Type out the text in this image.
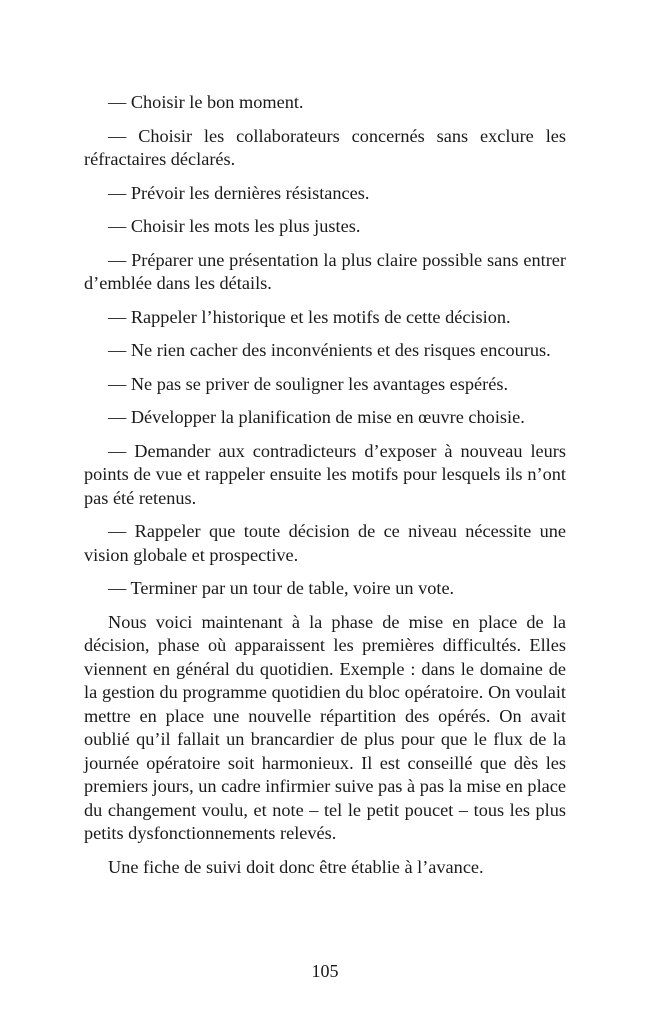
— Choisir le bon moment.

— Choisir les collaborateurs concernés sans exclure les réfractaires déclarés.

— Prévoir les dernières résistances.

— Choisir les mots les plus justes.

— Préparer une présentation la plus claire possible sans entrer d’emblée dans les détails.

— Rappeler l’historique et les motifs de cette décision.

— Ne rien cacher des inconvénients et des risques encourus.

— Ne pas se priver de souligner les avantages espérés.

— Développer la planification de mise en œuvre choisie.

— Demander aux contradicteurs d’exposer à nouveau leurs points de vue et rappeler ensuite les motifs pour lesquels ils n’ont pas été retenus.

— Rappeler que toute décision de ce niveau nécessite une vision globale et prospective.

— Terminer par un tour de table, voire un vote.

Nous voici maintenant à la phase de mise en place de la décision, phase où apparaissent les premières difficultés. Elles viennent en général du quotidien. Exemple : dans le domaine de la gestion du programme quotidien du bloc opératoire. On voulait mettre en place une nouvelle répartition des opérés. On avait oublié qu’il fallait un brancardier de plus pour que le flux de la journée opératoire soit harmonieux. Il est conseillé que dès les premiers jours, un cadre infirmier suive pas à pas la mise en place du changement voulu, et note – tel le petit poucet – tous les plus petits dysfonctionnements relevés.

Une fiche de suivi doit donc être établie à l’avance.

105
